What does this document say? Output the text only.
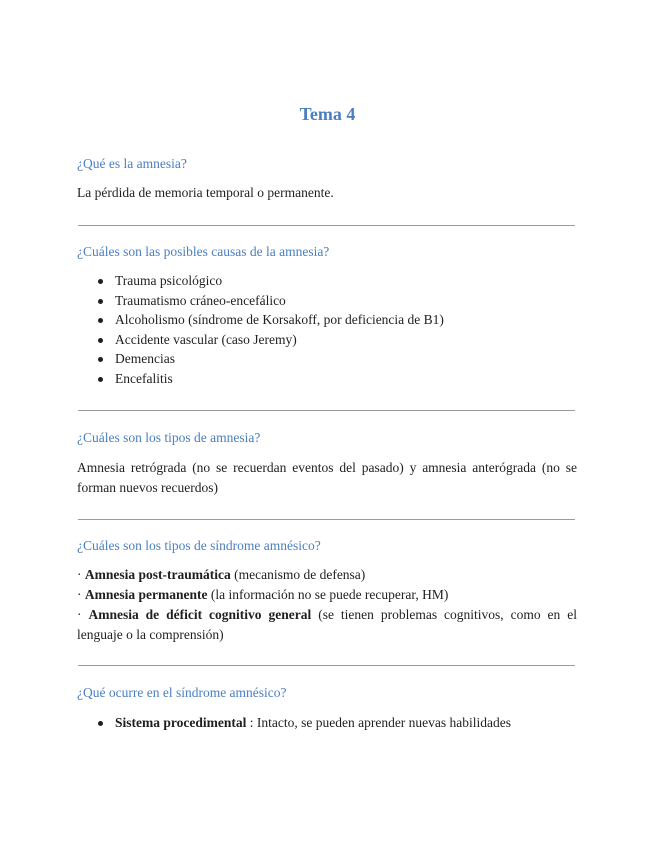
Tema 4

¿Qué es la amnesia?

La pérdida de memoria temporal o permanente.

¿Cuáles son las posibles causas de la amnesia?

Trauma psicológico
Traumatismo cráneo-encefálico
Alcoholismo (síndrome de Korsakoff, por deficiencia de B1)
Accidente vascular (caso Jeremy)
Demencias
Encefalitis

¿Cuáles son los tipos de amnesia?

Amnesia retrógrada (no se recuerdan eventos del pasado) y amnesia anterógrada (no se forman nuevos recuerdos)

¿Cuáles son los tipos de síndrome amnésico?

· Amnesia post-traumática (mecanismo de defensa)
· Amnesia permanente (la información no se puede recuperar, HM)
· Amnesia de déficit cognitivo general (se tienen problemas cognitivos, como en el lenguaje o la comprensión)

¿Qué ocurre en el síndrome amnésico?

Sistema procedimental : Intacto, se pueden aprender nuevas habilidades
